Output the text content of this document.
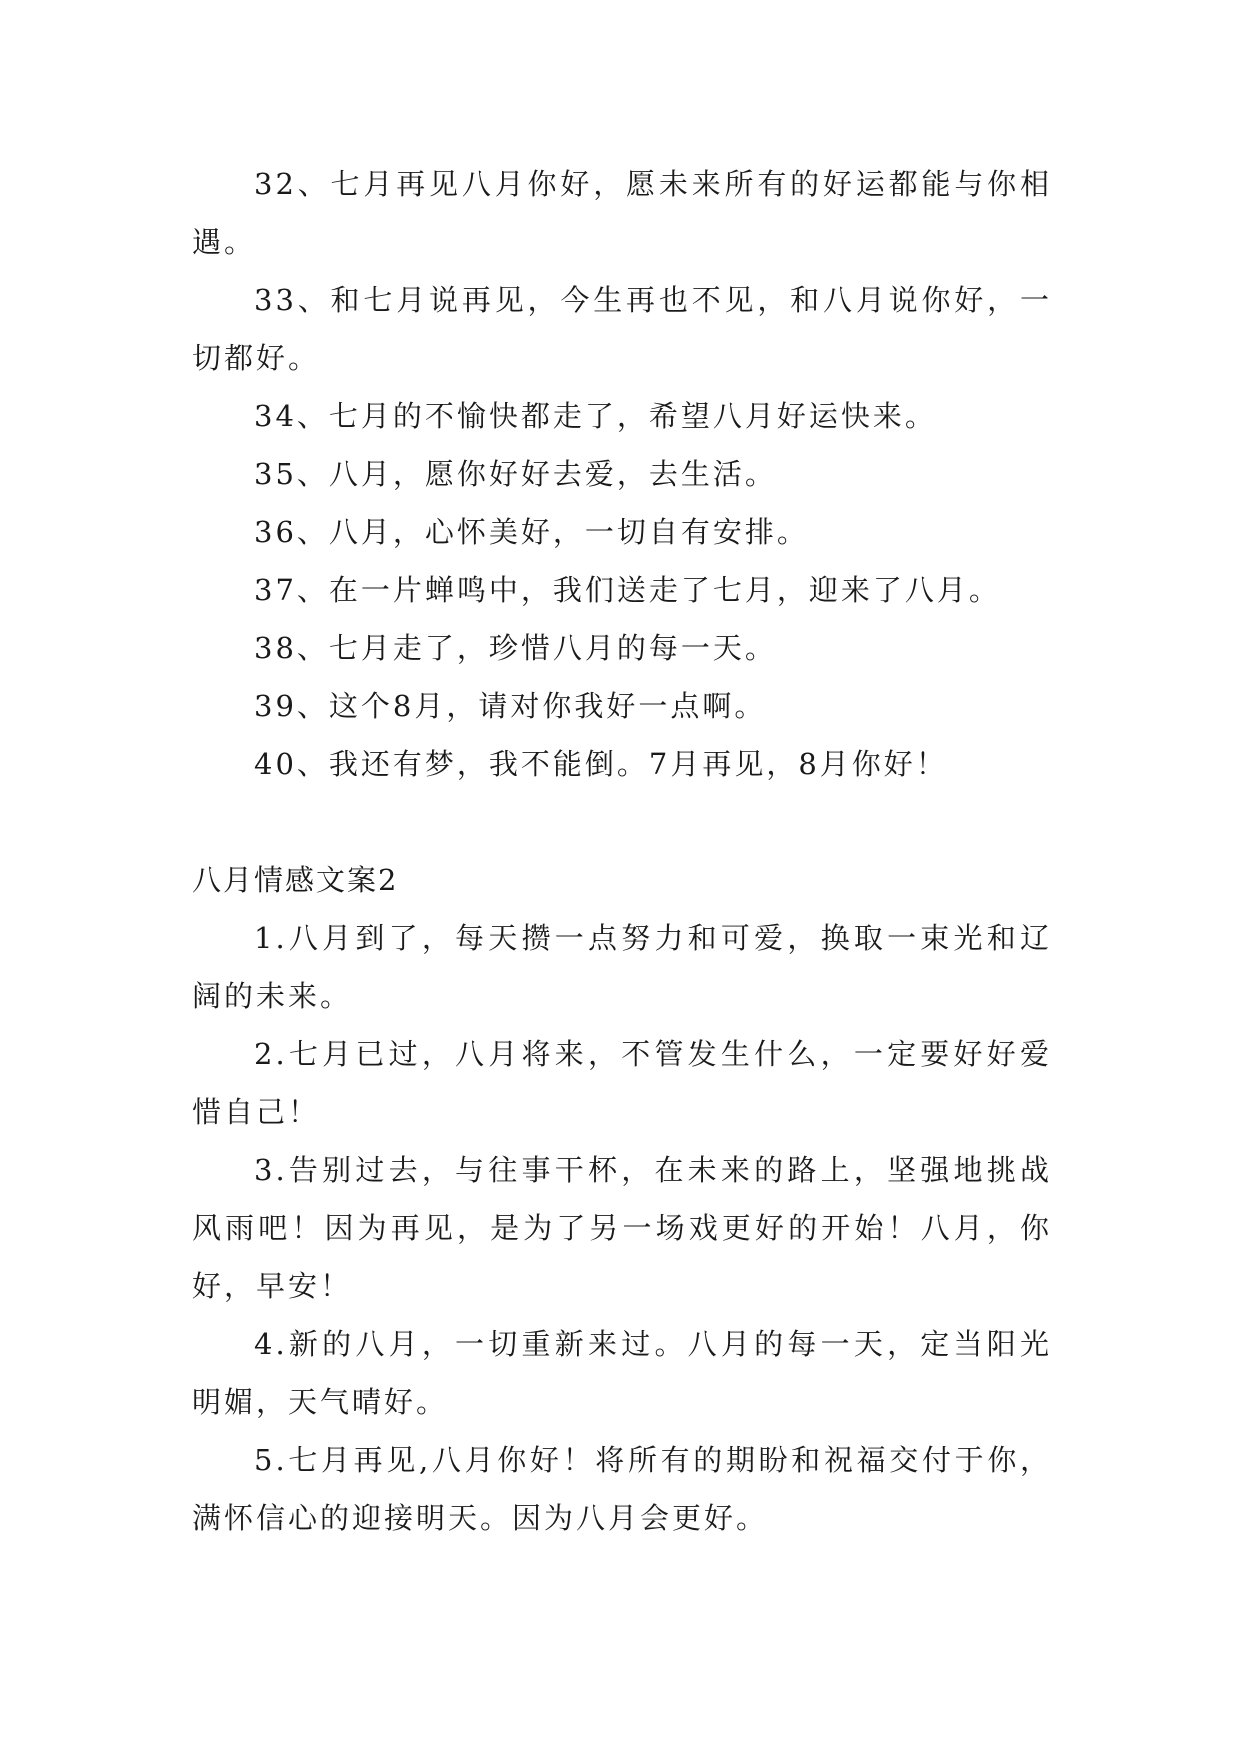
32、七月再见八月你好，愿未来所有的好运都能与你相遇。

33、和七月说再见，今生再也不见，和八月说你好，一切都好。

34、七月的不愉快都走了，希望八月好运快来。

35、八月，愿你好好去爱，去生活。

36、八月，心怀美好，一切自有安排。

37、在一片蝉鸣中，我们送走了七月，迎来了八月。

38、七月走了，珍惜八月的每一天。

39、这个8月，请对你我好一点啊。

40、我还有梦，我不能倒。7月再见，8月你好！

八月情感文案2

1.八月到了，每天攒一点努力和可爱，换取一束光和辽阔的未来。

2.七月已过，八月将来，不管发生什么，一定要好好爱惜自己！

3.告别过去，与往事干杯，在未来的路上，坚强地挑战风雨吧！因为再见，是为了另一场戏更好的开始！八月，你好，早安！

4.新的八月，一切重新来过。八月的每一天，定当阳光明媚，天气晴好。

5.七月再见,八月你好！将所有的期盼和祝福交付于你，满怀信心的迎接明天。因为八月会更好。
